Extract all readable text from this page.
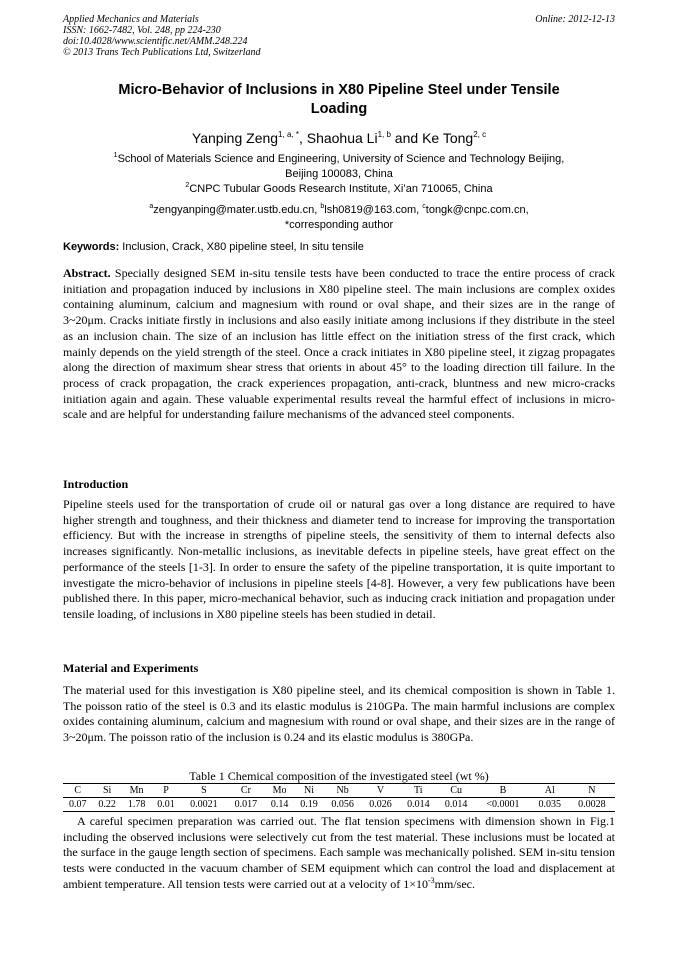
Applied Mechanics and Materials
ISSN: 1662-7482, Vol. 248, pp 224-230
doi:10.4028/www.scientific.net/AMM.248.224
© 2013 Trans Tech Publications Ltd, Switzerland
Online: 2012-12-13
Micro-Behavior of Inclusions in X80 Pipeline Steel under Tensile
Loading
Yanping Zeng$^{1, a, *}$, Shaohua Li$^{1, b}$ and Ke Tong$^{2, c}$
$^1$School of Materials Science and Engineering, University of Science and Technology Beijing,
Beijing 100083, China
$^2$CNPC Tubular Goods Research Institute, Xi’an 710065, China
$^a$zengyanping@mater.ustb.edu.cn, $^b$lsh0819@163.com, $^c$tongk@cnpc.com.cn,
*corresponding author
Keywords: Inclusion, Crack, X80 pipeline steel, In situ tensile

Abstract. Specially designed SEM in-situ tensile tests have been conducted to trace the entire process of crack initiation and propagation induced by inclusions in X80 pipeline steel. The main inclusions are complex oxides containing aluminum, calcium and magnesium with round or oval shape, and their sizes are in the range of 3~20μm. Cracks initiate firstly in inclusions and also easily initiate among inclusions if they distribute in the steel as an inclusion chain. The size of an inclusion has little effect on the initiation stress of the first crack, which mainly depends on the yield strength of the steel. Once a crack initiates in X80 pipeline steel, it zigzag propagates along the direction of maximum shear stress that orients in about 45° to the loading direction till failure. In the process of crack propagation, the crack experiences propagation, anti-crack, bluntness and new micro-cracks initiation again and again. These valuable experimental results reveal the harmful effect of inclusions in micro-scale and are helpful for understanding failure mechanisms of the advanced steel components.

Introduction

Pipeline steels used for the transportation of crude oil or natural gas over a long distance are required to have higher strength and toughness, and their thickness and diameter tend to increase for improving the transportation efficiency. But with the increase in strengths of pipeline steels, the sensitivity of them to internal defects also increases significantly. Non-metallic inclusions, as inevitable defects in pipeline steels, have great effect on the performance of the steels [1-3]. In order to ensure the safety of the pipeline transportation, it is quite important to investigate the micro-behavior of inclusions in pipeline steels [4-8]. However, a very few publications have been published there. In this paper, micro-mechanical behavior, such as inducing crack initiation and propagation under tensile loading, of inclusions in X80 pipeline steels has been studied in detail.

Material and Experiments

The material used for this investigation is X80 pipeline steel, and its chemical composition is shown in Table 1. The poisson ratio of the steel is 0.3 and its elastic modulus is 210GPa. The main harmful inclusions are complex oxides containing aluminum, calcium and magnesium with round or oval shape, and their sizes are in the range of 3~20μm. The poisson ratio of the inclusion is 0.24 and its elastic modulus is 380GPa.

Table 1 Chemical composition of the investigated steel (wt %)
C	Si	Mn	P	S	Cr	Mo	Ni	Nb	V	Ti	Cu	B	Al	N
0.07	0.22	1.78	0.01	0.0021	0.017	0.14	0.19	0.056	0.026	0.014	0.014	<0.0001	0.035	0.0028

A careful specimen preparation was carried out. The flat tension specimens with dimension shown in Fig.1 including the observed inclusions were selectively cut from the test material. These inclusions must be located at the surface in the gauge length section of specimens. Each sample was mechanically polished. SEM in-situ tension tests were conducted in the vacuum chamber of SEM equipment which can control the load and displacement at ambient temperature. All tension tests were carried out at a velocity of $1\times 10^{-3}mm/\sec$.
